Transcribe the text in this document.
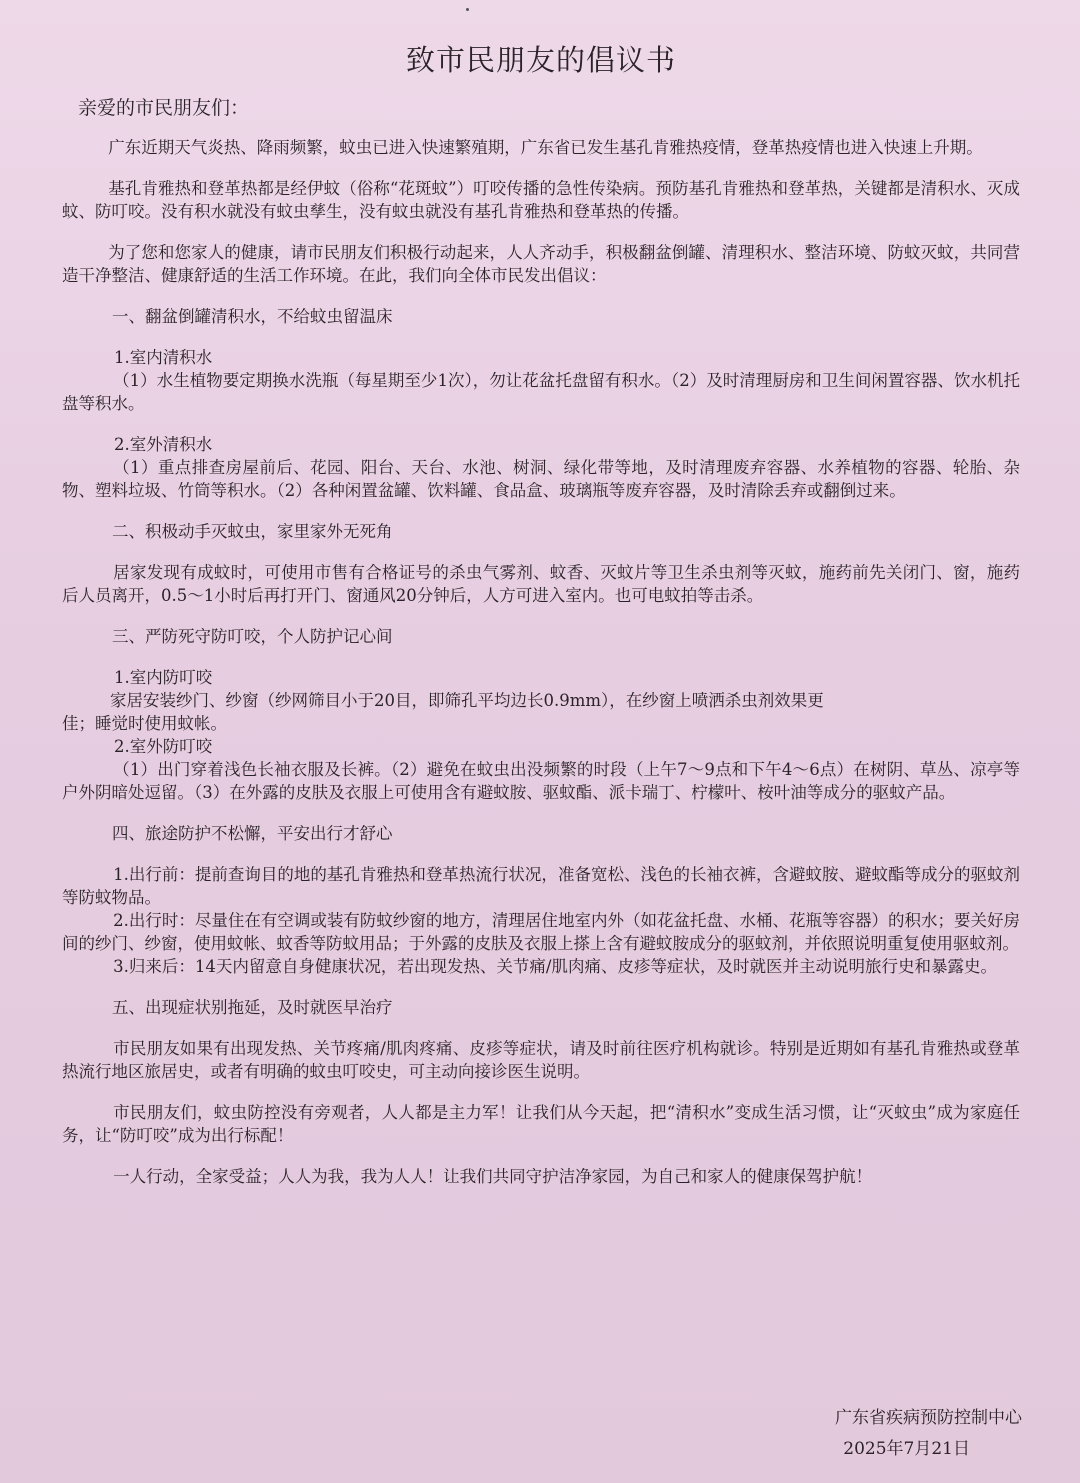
致市民朋友的倡议书
亲爱的市民朋友们：

广东近期天气炎热、降雨频繁，蚊虫已进入快速繁殖期，广东省已发生基孔肯雅热疫情，登革热疫情也进入快速上升期。

基孔肯雅热和登革热都是经伊蚊（俗称“花斑蚊”）叮咬传播的急性传染病。预防基孔肯雅热和登革热，关键都是清积水、灭成蚊、防叮咬。没有积水就没有蚊虫孳生，没有蚊虫就没有基孔肯雅热和登革热的传播。

为了您和您家人的健康，请市民朋友们积极行动起来，人人齐动手，积极翻盆倒罐、清理积水、整洁环境、防蚊灭蚊，共同营造干净整洁、健康舒适的生活工作环境。在此，我们向全体市民发出倡议：

一、翻盆倒罐清积水，不给蚊虫留温床
1.室内清积水

（1）水生植物要定期换水洗瓶（每星期至少1次），勿让花盆托盘留有积水。（2）及时清理厨房和卫生间闲置容器、饮水机托盘等积水。

2.室外清积水

（1）重点排查房屋前后、花园、阳台、天台、水池、树洞、绿化带等地，及时清理废弃容器、水养植物的容器、轮胎、杂物、塑料垃圾、竹筒等积水。（2）各种闲置盆罐、饮料罐、食品盒、玻璃瓶等废弃容器，及时清除丢弃或翻倒过来。

二、积极动手灭蚊虫，家里家外无死角

居家发现有成蚊时，可使用市售有合格证号的杀虫气雾剂、蚊香、灭蚊片等卫生杀虫剂等灭蚊，施药前先关闭门、窗，施药后人员离开，0.5～1小时后再打开门、窗通风20分钟后，人方可进入室内。也可电蚊拍等击杀。

三、严防死守防叮咬，个人防护记心间
1.室内防叮咬
家居安装纱门、纱窗（纱网筛目小于20目，即筛孔平均边长0.9mm），在纱窗上喷洒杀虫剂效果更

佳；睡觉时使用蚊帐。

2.室外防叮咬

（1）出门穿着浅色长袖衣服及长裤。（2）避免在蚊虫出没频繁的时段（上午7～9点和下午4～6点）在树阴、草丛、凉亭等户外阴暗处逗留。（3）在外露的皮肤及衣服上可使用含有避蚊胺、驱蚊酯、派卡瑞丁、柠檬叶、桉叶油等成分的驱蚊产品。

四、旅途防护不松懈，平安出行才舒心

1.出行前：提前查询目的地的基孔肯雅热和登革热流行状况，准备宽松、浅色的长袖衣裤，含避蚊胺、避蚊酯等成分的驱蚊剂等防蚊物品。

2.出行时：尽量住在有空调或装有防蚊纱窗的地方，清理居住地室内外（如花盆托盘、水桶、花瓶等容器）的积水；要关好房间的纱门、纱窗，使用蚊帐、蚊香等防蚊用品；于外露的皮肤及衣服上搽上含有避蚊胺成分的驱蚊剂，并依照说明重复使用驱蚊剂。

3.归来后：14天内留意自身健康状况，若出现发热、关节痛/肌肉痛、皮疹等症状，及时就医并主动说明旅行史和暴露史。

五、出现症状别拖延，及时就医早治疗

市民朋友如果有出现发热、关节疼痛/肌肉疼痛、皮疹等症状，请及时前往医疗机构就诊。特别是近期如有基孔肯雅热或登革热流行地区旅居史，或者有明确的蚊虫叮咬史，可主动向接诊医生说明。

市民朋友们，蚊虫防控没有旁观者，人人都是主力军！让我们从今天起，把“清积水”变成生活习惯，让“灭蚊虫”成为家庭任务，让“防叮咬”成为出行标配！

一人行动，全家受益；人人为我，我为人人！让我们共同守护洁净家园，为自己和家人的健康保驾护航！

广东省疾病预防控制中心
2025年7月21日
